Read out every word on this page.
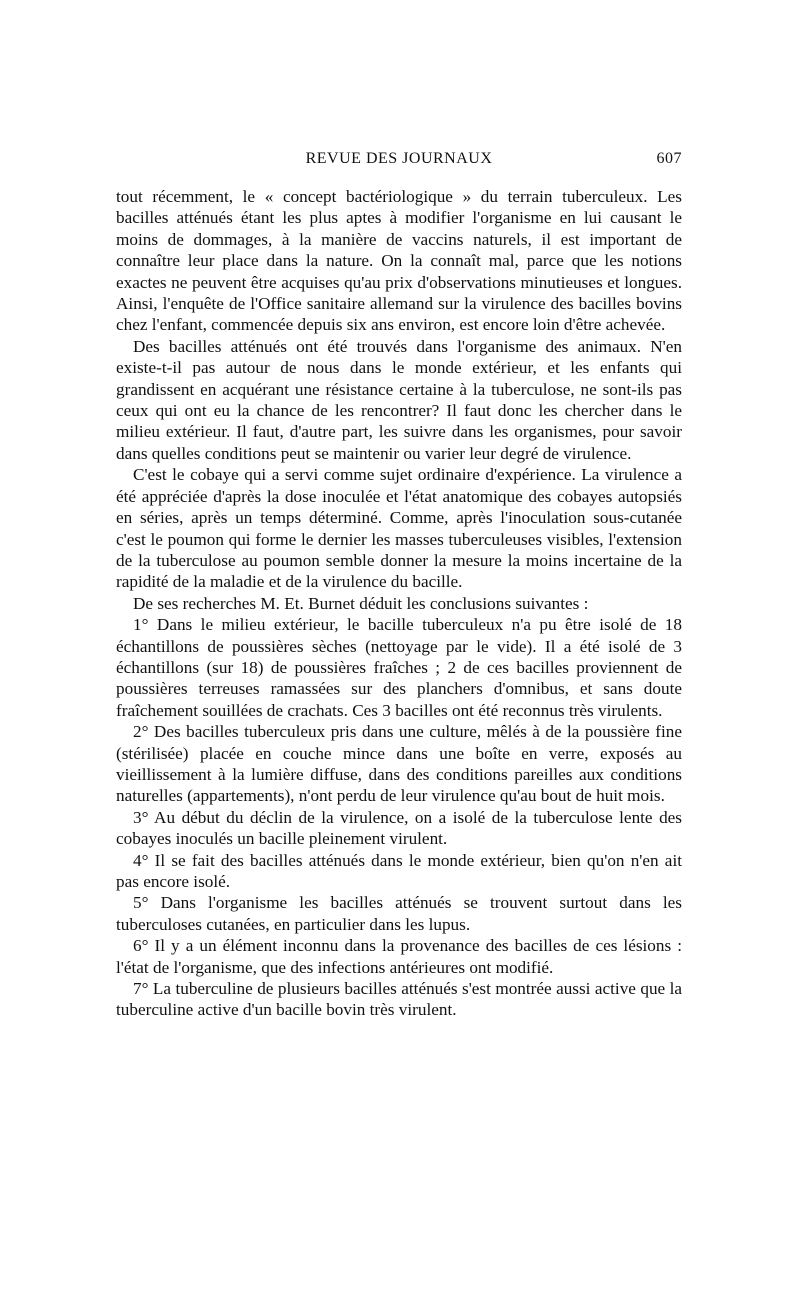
REVUE DES JOURNAUX	607

tout récemment, le « concept bactériologique » du terrain tuberculeux. Les bacilles atténués étant les plus aptes à modifier l'organisme en lui causant le moins de dommages, à la manière de vaccins naturels, il est important de connaître leur place dans la nature. On la connaît mal, parce que les notions exactes ne peuvent être acquises qu'au prix d'observations minutieuses et longues. Ainsi, l'enquête de l'Office sanitaire allemand sur la virulence des bacilles bovins chez l'enfant, commencée depuis six ans environ, est encore loin d'être achevée.

Des bacilles atténués ont été trouvés dans l'organisme des animaux. N'en existe-t-il pas autour de nous dans le monde extérieur, et les enfants qui grandissent en acquérant une résistance certaine à la tuberculose, ne sont-ils pas ceux qui ont eu la chance de les rencontrer? Il faut donc les chercher dans le milieu extérieur. Il faut, d'autre part, les suivre dans les organismes, pour savoir dans quelles conditions peut se maintenir ou varier leur degré de virulence.

C'est le cobaye qui a servi comme sujet ordinaire d'expérience. La virulence a été appréciée d'après la dose inoculée et l'état anatomique des cobayes autopsiés en séries, après un temps déterminé. Comme, après l'inoculation sous-cutanée c'est le poumon qui forme le dernier les masses tuberculeuses visibles, l'extension de la tuberculose au poumon semble donner la mesure la moins incertaine de la rapidité de la maladie et de la virulence du bacille.

De ses recherches M. Et. Burnet déduit les conclusions suivantes :

1° Dans le milieu extérieur, le bacille tuberculeux n'a pu être isolé de 18 échantillons de poussières sèches (nettoyage par le vide). Il a été isolé de 3 échantillons (sur 18) de poussières fraîches ; 2 de ces bacilles proviennent de poussières terreuses ramassées sur des planchers d'omnibus, et sans doute fraîchement souillées de crachats. Ces 3 bacilles ont été reconnus très virulents.

2° Des bacilles tuberculeux pris dans une culture, mêlés à de la poussière fine (stérilisée) placée en couche mince dans une boîte en verre, exposés au vieillissement à la lumière diffuse, dans des conditions pareilles aux conditions naturelles (appartements), n'ont perdu de leur virulence qu'au bout de huit mois.

3° Au début du déclin de la virulence, on a isolé de la tuberculose lente des cobayes inoculés un bacille pleinement virulent.

4° Il se fait des bacilles atténués dans le monde extérieur, bien qu'on n'en ait pas encore isolé.

5° Dans l'organisme les bacilles atténués se trouvent surtout dans les tuberculoses cutanées, en particulier dans les lupus.

6° Il y a un élément inconnu dans la provenance des bacilles de ces lésions : l'état de l'organisme, que des infections antérieures ont modifié.

7° La tuberculine de plusieurs bacilles atténués s'est montrée aussi active que la tuberculine active d'un bacille bovin très virulent.
